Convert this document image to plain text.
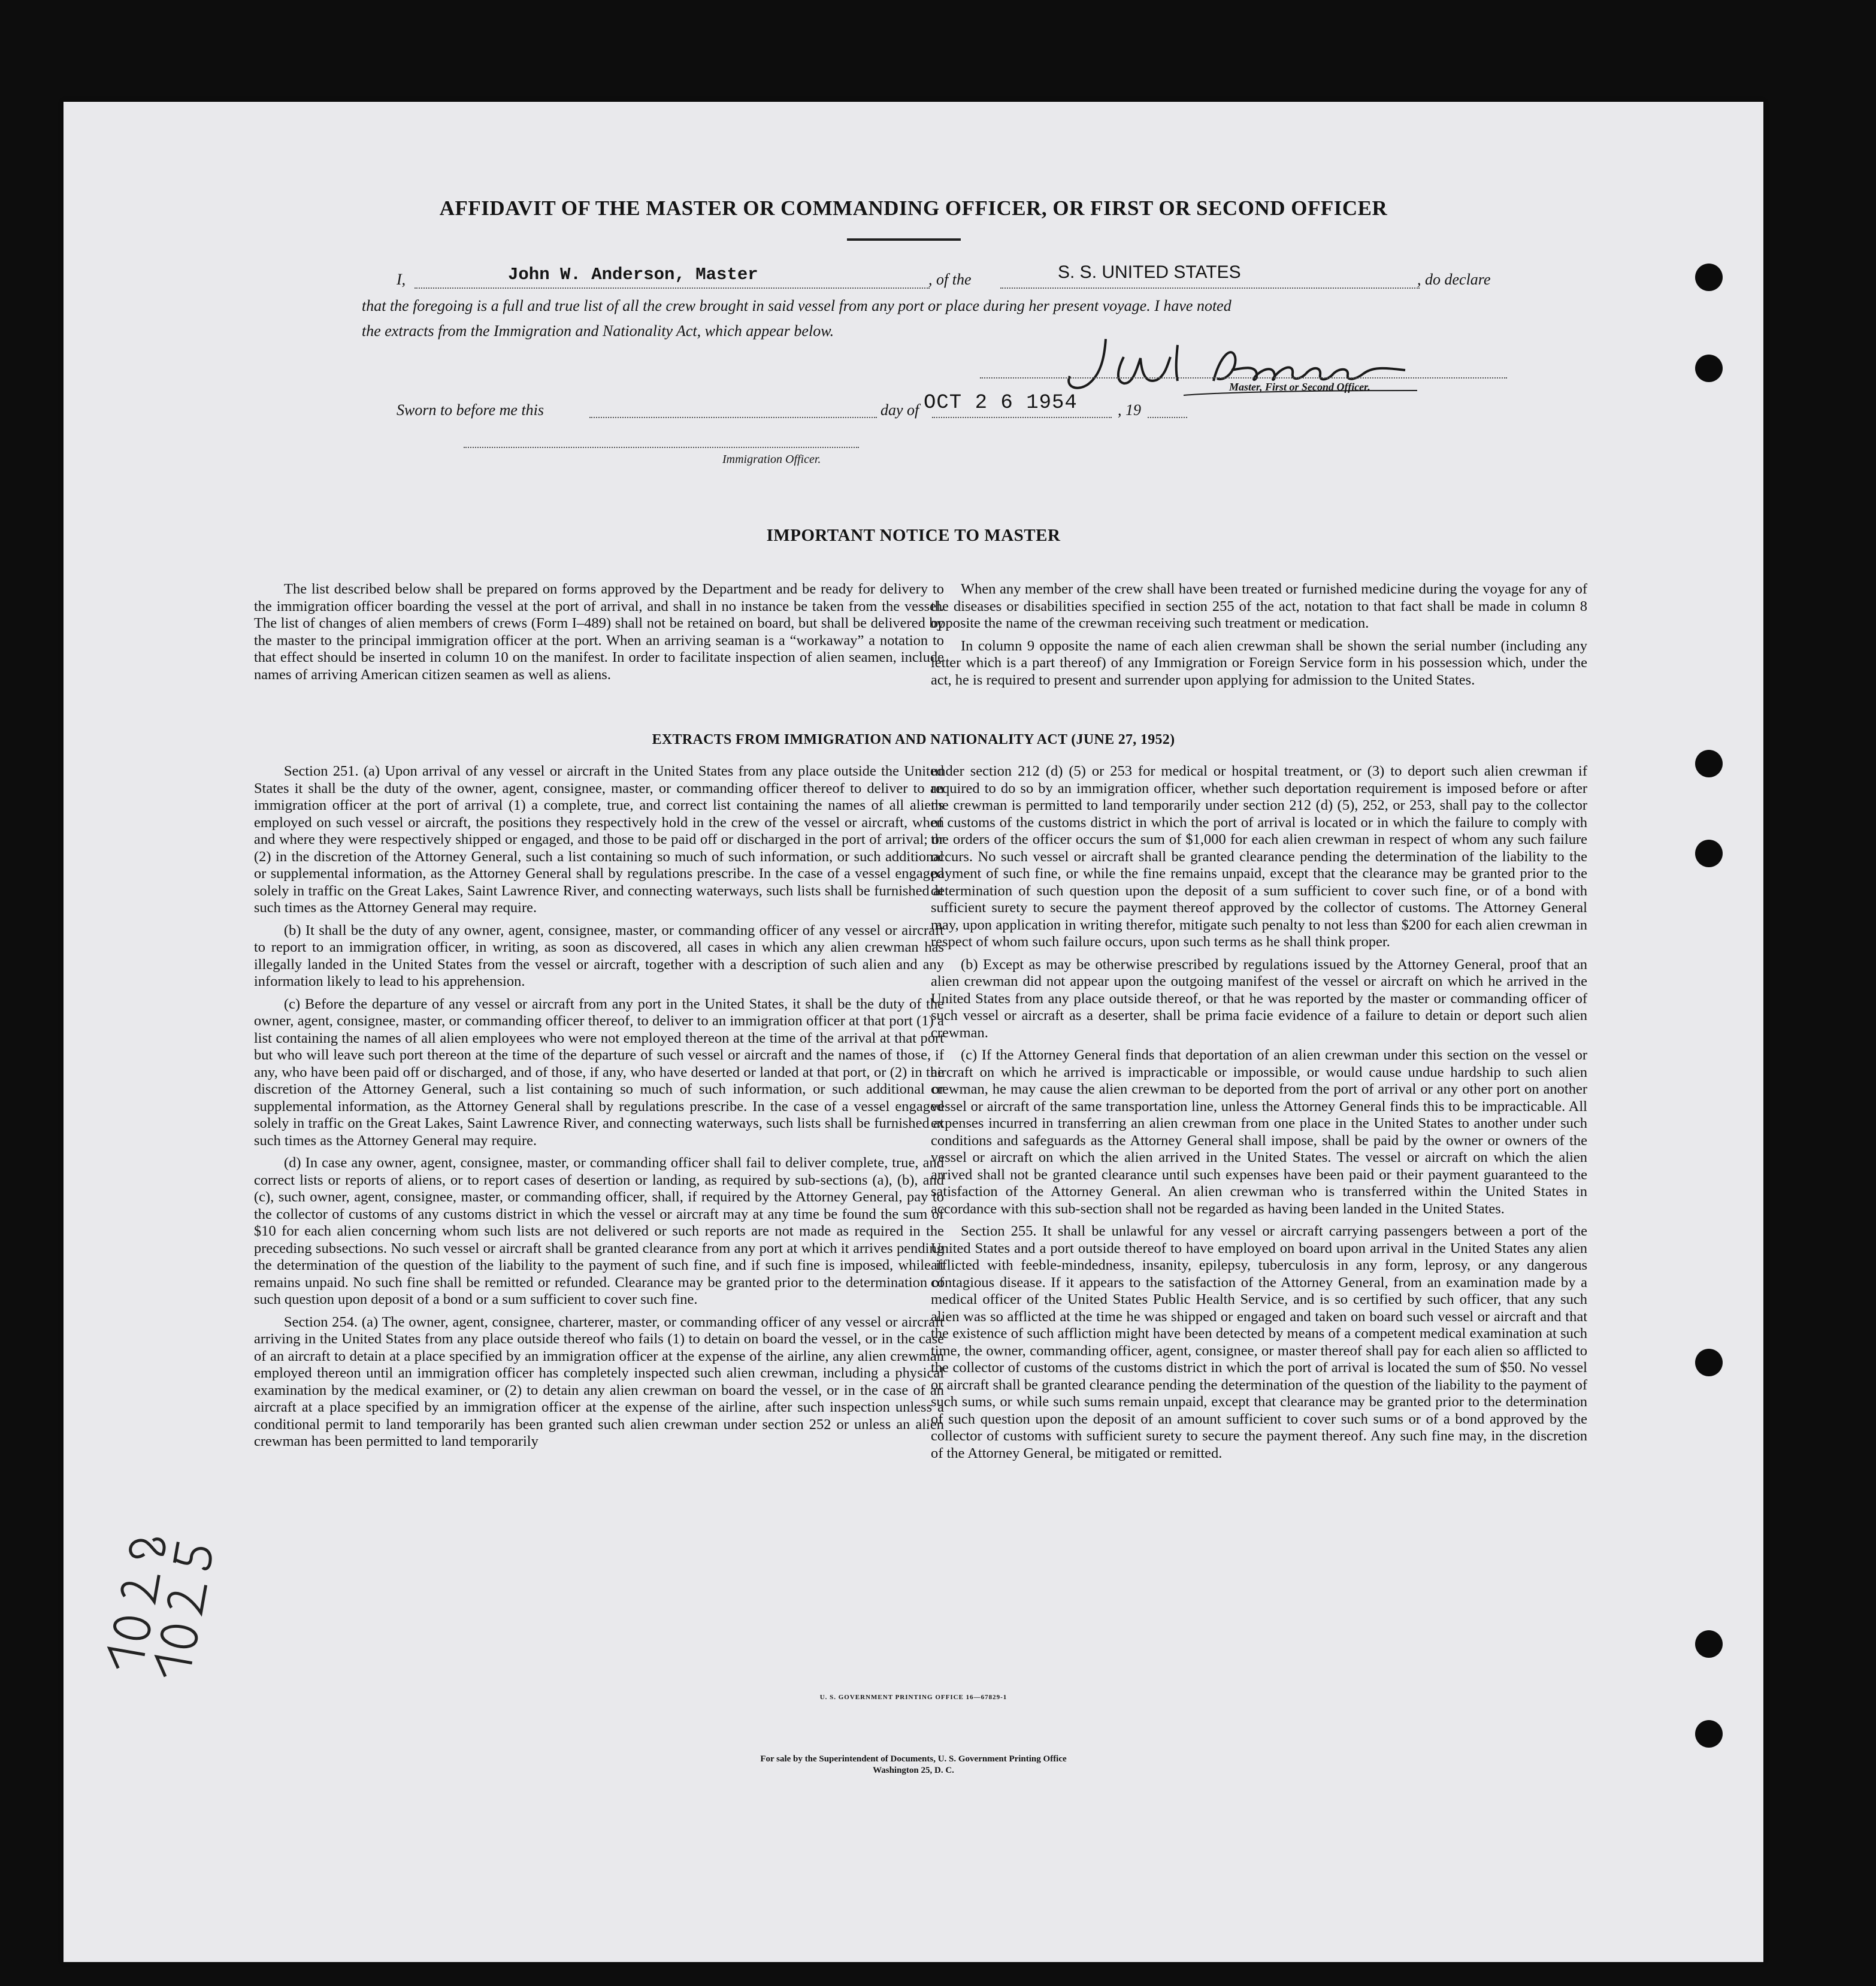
AFFIDAVIT OF THE MASTER OR COMMANDING OFFICER, OR FIRST OR SECOND OFFICER
I,	John W. Anderson, Master	, of the	S. S. UNITED STATES	, do declare
that the foregoing is a full and true list of all the crew brought in said vessel from any port or place during her present voyage. I have noted
the extracts from the Immigration and Nationality Act, which appear below.
Master, First or Second Officer.
Sworn to before me this	day of OCT 2 6 1954	, 19
Immigration Officer.
IMPORTANT NOTICE TO MASTER

The list described below shall be prepared on forms approved by the Department and be ready for delivery to the immigration officer boarding the vessel at the port of arrival, and shall in no instance be taken from the vessel. The list of changes of alien members of crews (Form I–489) shall not be retained on board, but shall be delivered by the master to the principal immigration officer at the port. When an arriving seaman is a “workaway” a notation to that effect should be inserted in column 10 on the manifest. In order to facilitate inspection of alien seamen, include names of arriving American citizen seamen as well as aliens.

When any member of the crew shall have been treated or furnished medicine during the voyage for any of the diseases or disabilities specified in section 255 of the act, notation to that fact shall be made in column 8 opposite the name of the crewman receiving such treatment or medication.

In column 9 opposite the name of each alien crewman shall be shown the serial number (including any letter which is a part thereof) of any Immigration or Foreign Service form in his possession which, under the act, he is required to present and surrender upon applying for admission to the United States.

EXTRACTS FROM IMMIGRATION AND NATIONALITY ACT (JUNE 27, 1952)

Section 251. (a) Upon arrival of any vessel or aircraft in the United States from any place outside the United States it shall be the duty of the owner, agent, consignee, master, or commanding officer thereof to deliver to an immigration officer at the port of arrival (1) a complete, true, and correct list containing the names of all aliens employed on such vessel or aircraft, the positions they respectively hold in the crew of the vessel or aircraft, when and where they were respectively shipped or engaged, and those to be paid off or discharged in the port of arrival; or (2) in the discretion of the Attorney General, such a list containing so much of such information, or such additional or supplemental information, as the Attorney General shall by regulations prescribe. In the case of a vessel engaged solely in traffic on the Great Lakes, Saint Lawrence River, and connecting waterways, such lists shall be furnished at such times as the Attorney General may require.

(b) It shall be the duty of any owner, agent, consignee, master, or commanding officer of any vessel or aircraft to report to an immigration officer, in writing, as soon as discovered, all cases in which any alien crewman has illegally landed in the United States from the vessel or aircraft, together with a description of such alien and any information likely to lead to his apprehension.

(c) Before the departure of any vessel or aircraft from any port in the United States, it shall be the duty of the owner, agent, consignee, master, or commanding officer thereof, to deliver to an immigration officer at that port (1) a list containing the names of all alien employees who were not employed thereon at the time of the arrival at that port but who will leave such port thereon at the time of the departure of such vessel or aircraft and the names of those, if any, who have been paid off or discharged, and of those, if any, who have deserted or landed at that port, or (2) in the discretion of the Attorney General, such a list containing so much of such information, or such additional or supplemental information, as the Attorney General shall by regulations prescribe. In the case of a vessel engaged solely in traffic on the Great Lakes, Saint Lawrence River, and connecting waterways, such lists shall be furnished at such times as the Attorney General may require.

(d) In case any owner, agent, consignee, master, or commanding officer shall fail to deliver complete, true, and correct lists or reports of aliens, or to report cases of desertion or landing, as required by sub-sections (a), (b), and (c), such owner, agent, consignee, master, or commanding officer, shall, if required by the Attorney General, pay to the collector of customs of any customs district in which the vessel or aircraft may at any time be found the sum of $10 for each alien concerning whom such lists are not delivered or such reports are not made as required in the preceding subsections. No such vessel or aircraft shall be granted clearance from any port at which it arrives pending the determination of the question of the liability to the payment of such fine, and if such fine is imposed, while it remains unpaid. No such fine shall be remitted or refunded. Clearance may be granted prior to the determination of such question upon deposit of a bond or a sum sufficient to cover such fine.

Section 254. (a) The owner, agent, consignee, charterer, master, or commanding officer of any vessel or aircraft arriving in the United States from any place outside thereof who fails (1) to detain on board the vessel, or in the case of an aircraft to detain at a place specified by an immigration officer at the expense of the airline, any alien crewman employed thereon until an immigration officer has completely inspected such alien crewman, including a physical examination by the medical examiner, or (2) to detain any alien crewman on board the vessel, or in the case of an aircraft at a place specified by an immigration officer at the expense of the airline, after such inspection unless a conditional permit to land temporarily has been granted such alien crewman under section 252 or unless an alien crewman has been permitted to land temporarily

under section 212 (d) (5) or 253 for medical or hospital treatment, or (3) to deport such alien crewman if required to do so by an immigration officer, whether such deportation requirement is imposed before or after the crewman is permitted to land temporarily under section 212 (d) (5), 252, or 253, shall pay to the collector of customs of the customs district in which the port of arrival is located or in which the failure to comply with the orders of the officer occurs the sum of $1,000 for each alien crewman in respect of whom any such failure occurs. No such vessel or aircraft shall be granted clearance pending the determination of the liability to the payment of such fine, or while the fine remains unpaid, except that the clearance may be granted prior to the determination of such question upon the deposit of a sum sufficient to cover such fine, or of a bond with sufficient surety to secure the payment thereof approved by the collector of customs. The Attorney General may, upon application in writing therefor, mitigate such penalty to not less than $200 for each alien crewman in respect of whom such failure occurs, upon such terms as he shall think proper.

(b) Except as may be otherwise prescribed by regulations issued by the Attorney General, proof that an alien crewman did not appear upon the outgoing manifest of the vessel or aircraft on which he arrived in the United States from any place outside thereof, or that he was reported by the master or commanding officer of such vessel or aircraft as a deserter, shall be prima facie evidence of a failure to detain or deport such alien crewman.

(c) If the Attorney General finds that deportation of an alien crewman under this section on the vessel or aircraft on which he arrived is impracticable or impossible, or would cause undue hardship to such alien crewman, he may cause the alien crewman to be deported from the port of arrival or any other port on another vessel or aircraft of the same transportation line, unless the Attorney General finds this to be impracticable. All expenses incurred in transferring an alien crewman from one place in the United States to another under such conditions and safeguards as the Attorney General shall impose, shall be paid by the owner or owners of the vessel or aircraft on which the alien arrived in the United States. The vessel or aircraft on which the alien arrived shall not be granted clearance until such expenses have been paid or their payment guaranteed to the satisfaction of the Attorney General. An alien crewman who is transferred within the United States in accordance with this sub-section shall not be regarded as having been landed in the United States.

Section 255. It shall be unlawful for any vessel or aircraft carrying passengers between a port of the United States and a port outside thereof to have employed on board upon arrival in the United States any alien afflicted with feeble-mindedness, insanity, epilepsy, tuberculosis in any form, leprosy, or any dangerous contagious disease. If it appears to the satisfaction of the Attorney General, from an examination made by a medical officer of the United States Public Health Service, and is so certified by such officer, that any such alien was so afflicted at the time he was shipped or engaged and taken on board such vessel or aircraft and that the existence of such affliction might have been detected by means of a competent medical examination at such time, the owner, commanding officer, agent, consignee, or master thereof shall pay for each alien so afflicted to the collector of customs of the customs district in which the port of arrival is located the sum of $50. No vessel or aircraft shall be granted clearance pending the determination of the question of the liability to the payment of such sums, or while such sums remain unpaid, except that clearance may be granted prior to the determination of such question upon the deposit of an amount sufficient to cover such sums or of a bond approved by the collector of customs with sufficient surety to secure the payment thereof. Any such fine may, in the discretion of the Attorney General, be mitigated or remitted.

U. S. GOVERNMENT PRINTING OFFICE 16—67829-1
For sale by the Superintendent of Documents, U. S. Government Printing Office
Washington 25, D. C.
